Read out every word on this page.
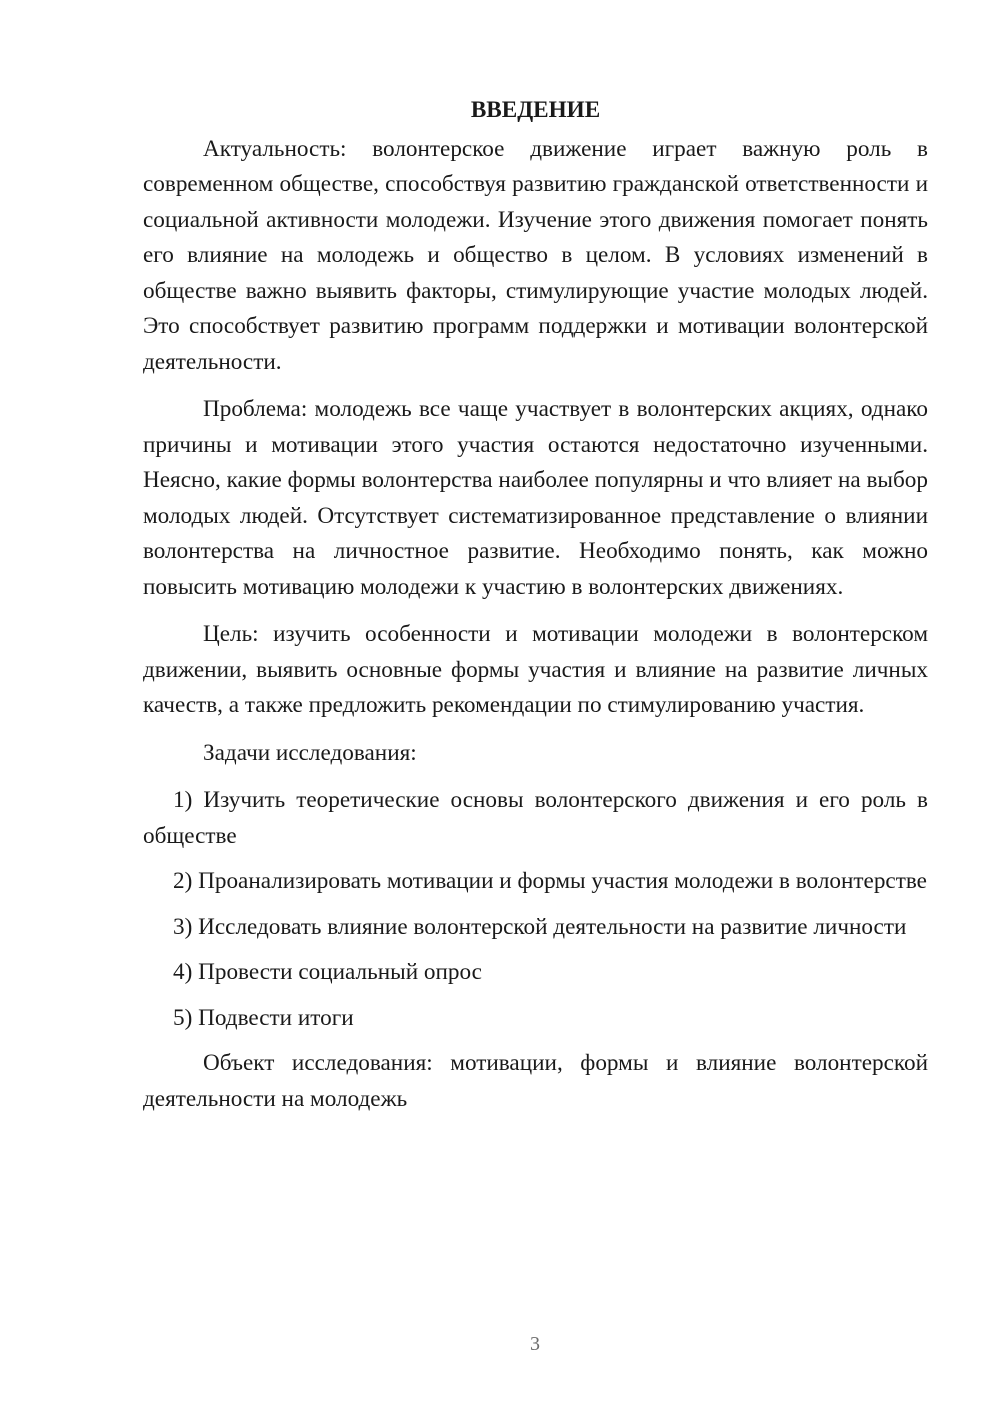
ВВЕДЕНИЕ

Актуальность: волонтерское движение играет важную роль в современном обществе, способствуя развитию гражданской ответственности и социальной активности молодежи. Изучение этого движения помогает понять его влияние на молодежь и общество в целом. В условиях изменений в обществе важно выявить факторы, стимулирующие участие молодых людей. Это способствует развитию программ поддержки и мотивации волонтерской деятельности.

Проблема: молодежь все чаще участвует в волонтерских акциях, однако причины и мотивации этого участия остаются недостаточно изученными. Неясно, какие формы волонтерства наиболее популярны и что влияет на выбор молодых людей. Отсутствует систематизированное представление о влиянии волонтерства на личностное развитие. Необходимо понять, как можно повысить мотивацию молодежи к участию в волонтерских движениях.

Цель: изучить особенности и мотивации молодежи в волонтерском движении, выявить основные формы участия и влияние на развитие личных качеств, а также предложить рекомендации по стимулированию участия.

Задачи исследования:

1) Изучить теоретические основы волонтерского движения и его роль в обществе

2) Проанализировать мотивации и формы участия молодежи в волонтерстве

3) Исследовать влияние волонтерской деятельности на развитие личности

4) Провести социальный опрос

5) Подвести итоги

Объект исследования: мотивации, формы и влияние волонтерской деятельности на молодежь

3
